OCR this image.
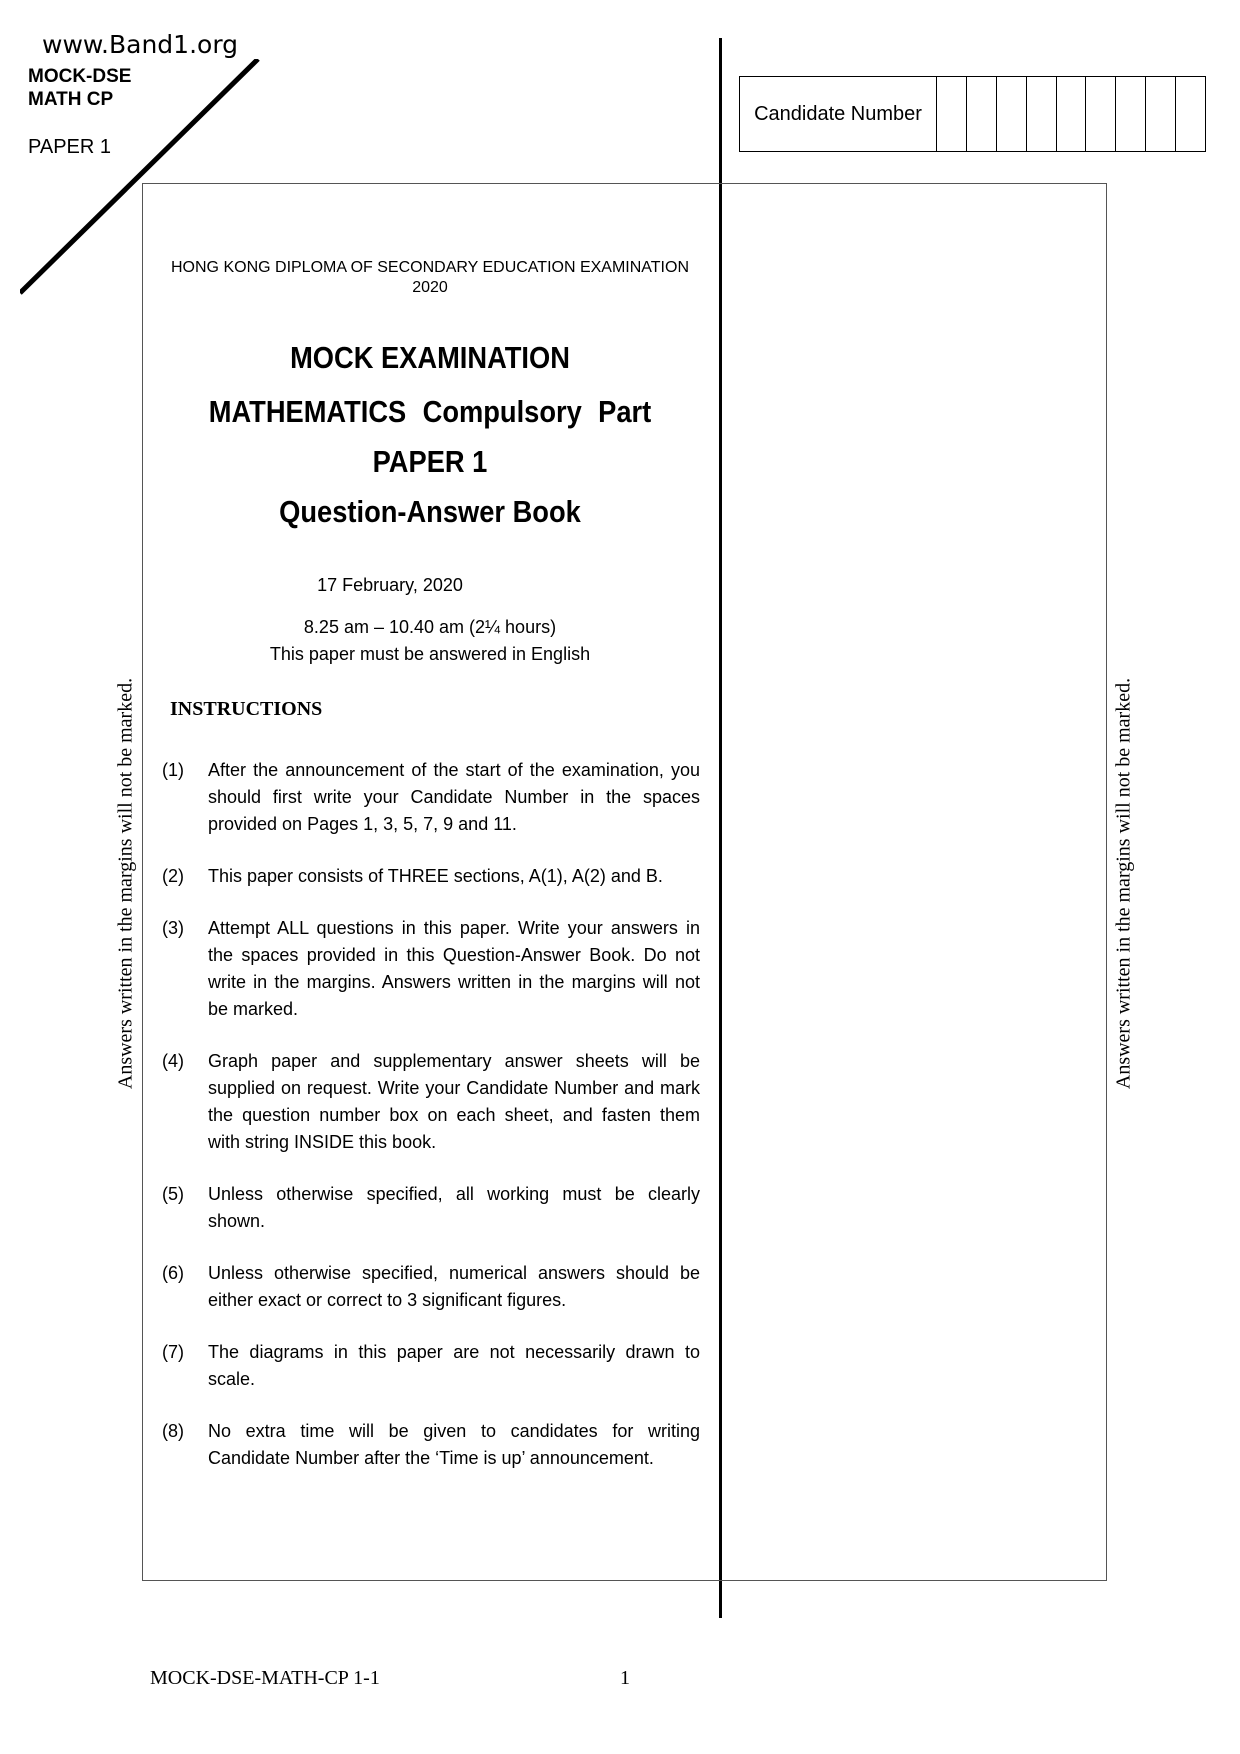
www.Band1.org
MOCK-DSE
MATH CP
PAPER 1
Candidate Number
Answers written in the margins will not be marked.	Answers written in the margins will not be marked.
HONG KONG DIPLOMA OF SECONDARY EDUCATION EXAMINATION
2020
MOCK EXAMINATION
MATHEMATICS Compulsory Part
PAPER 1
Question-Answer Book
17 February, 2020
8.25 am – 10.40 am (2¼ hours)
This paper must be answered in English
INSTRUCTIONS
(1)	After the announcement of the start of the examination, you should first write your Candidate Number in the spaces provided on Pages 1, 3, 5, 7, 9 and 11.
(2)	This paper consists of THREE sections, A(1), A(2) and B.
(3)	Attempt ALL questions in this paper. Write your answers in the spaces provided in this Question-Answer Book. Do not write in the margins. Answers written in the margins will not be marked.
(4)	Graph paper and supplementary answer sheets will be supplied on request. Write your Candidate Number and mark the question number box on each sheet, and fasten them with string INSIDE this book.
(5)	Unless otherwise specified, all working must be clearly shown.
(6)	Unless otherwise specified, numerical answers should be either exact or correct to 3 significant figures.
(7)	The diagrams in this paper are not necessarily drawn to scale.
(8)	No extra time will be given to candidates for writing Candidate Number after the ‘Time is up’ announcement.
MOCK-DSE-MATH-CP 1-1	1
